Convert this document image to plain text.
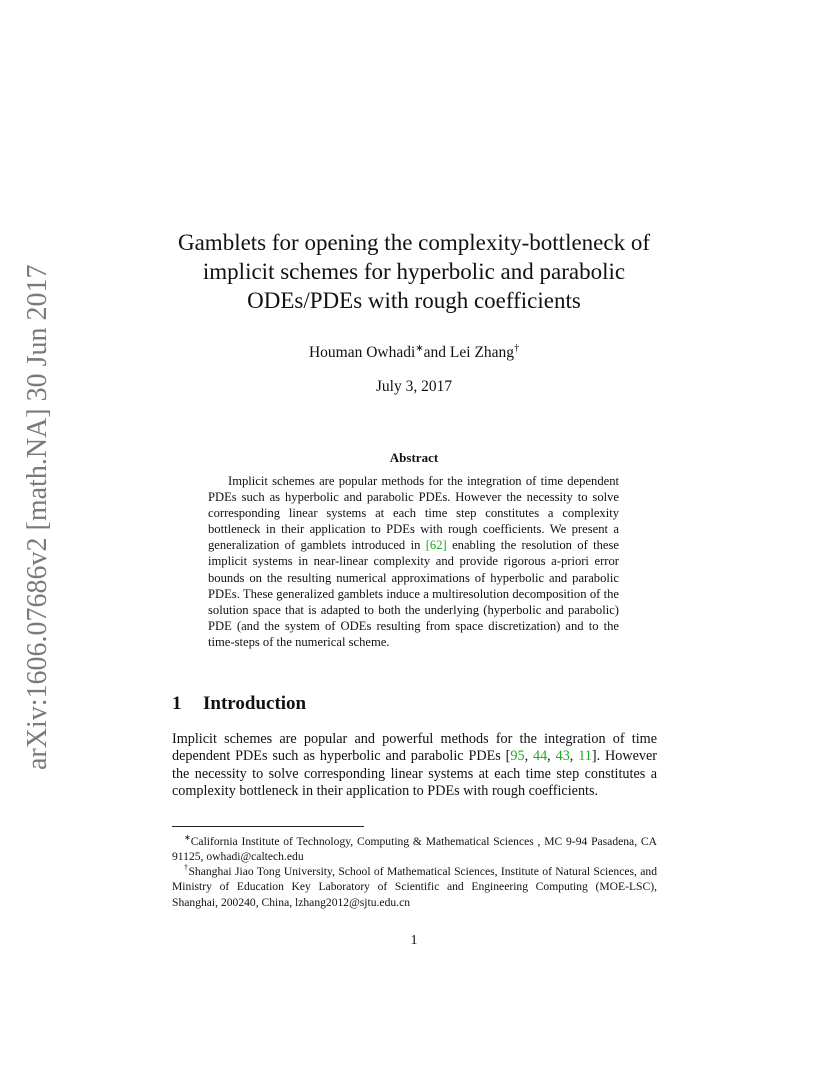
arXiv:1606.07686v2 [math.NA] 30 Jun 2017
Gamblets for opening the complexity-bottleneck of
implicit schemes for hyperbolic and parabolic
ODEs/PDEs with rough coefficients
Houman Owhadi∗and Lei Zhang†
July 3, 2017
Abstract

Implicit schemes are popular methods for the integration of time dependent PDEs such as hyperbolic and parabolic PDEs. However the necessity to solve corresponding linear systems at each time step constitutes a complexity bottleneck in their application to PDEs with rough coefficients. We present a generalization of gamblets introduced in [62] enabling the resolution of these implicit systems in near-linear complexity and provide rigorous a-priori error bounds on the resulting numerical approximations of hyperbolic and parabolic PDEs. These generalized gamblets induce a multiresolution decomposition of the solution space that is adapted to both the underlying (hyperbolic and parabolic) PDE (and the system of ODEs resulting from space discretization) and to the time-steps of the numerical scheme.

1 Introduction

Implicit schemes are popular and powerful methods for the integration of time dependent PDEs such as hyperbolic and parabolic PDEs [95, 44, 43, 11]. However the necessity to solve corresponding linear systems at each time step constitutes a complexity bottleneck in their application to PDEs with rough coefficients.

∗California Institute of Technology, Computing & Mathematical Sciences , MC 9-94 Pasadena, CA 91125, owhadi@caltech.edu

†Shanghai Jiao Tong University, School of Mathematical Sciences, Institute of Natural Sciences, and Ministry of Education Key Laboratory of Scientific and Engineering Computing (MOE-LSC), Shanghai, 200240, China, lzhang2012@sjtu.edu.cn

1
